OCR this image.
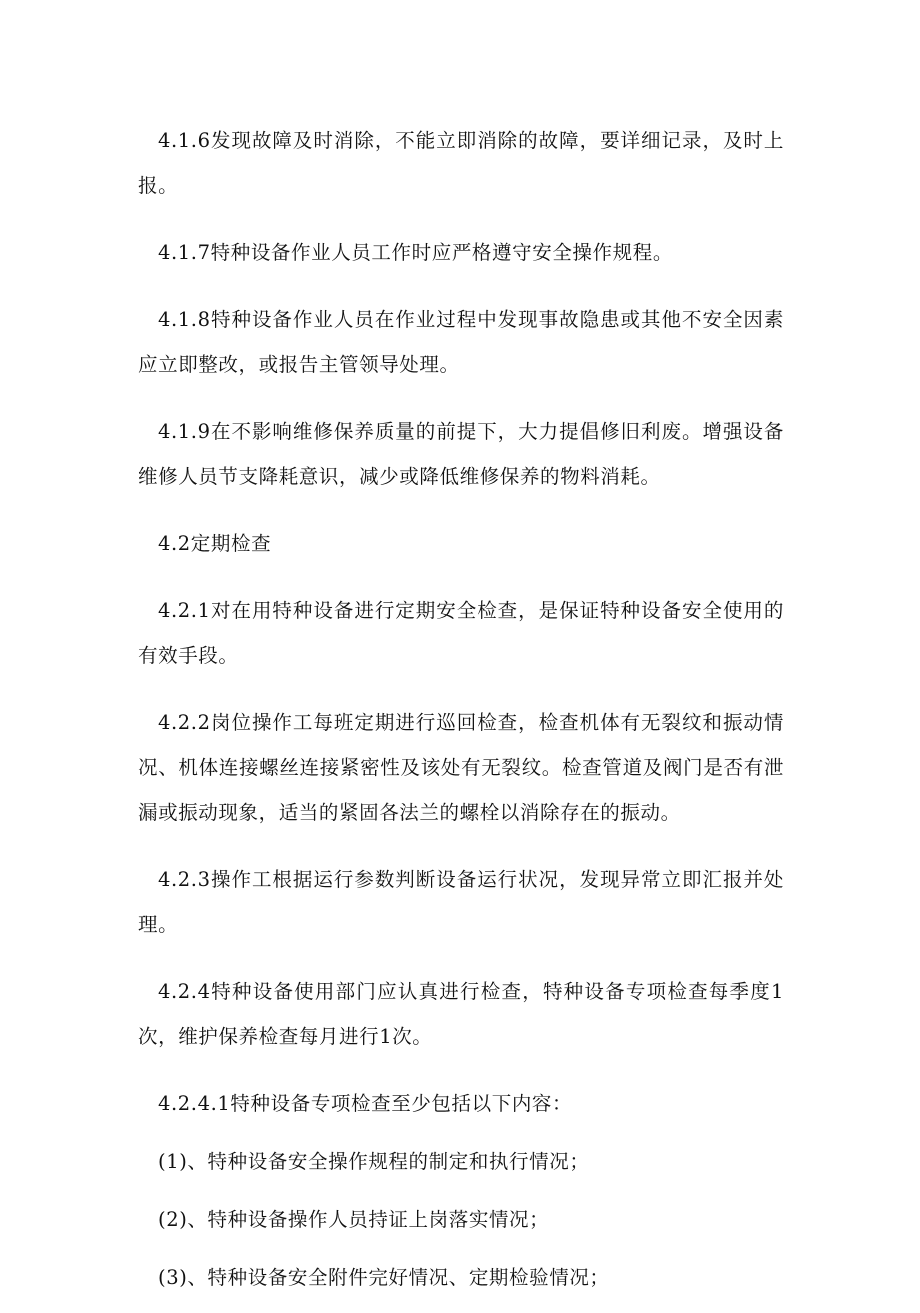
4.1.6发现故障及时消除，不能立即消除的故障，要详细记录，及时上报。

4.1.7特种设备作业人员工作时应严格遵守安全操作规程。

4.1.8特种设备作业人员在作业过程中发现事故隐患或其他不安全因素应立即整改，或报告主管领导处理。

4.1.9在不影响维修保养质量的前提下，大力提倡修旧利废。增强设备维修人员节支降耗意识，减少或降低维修保养的物料消耗。

4.2定期检查

4.2.1对在用特种设备进行定期安全检查，是保证特种设备安全使用的有效手段。

4.2.2岗位操作工每班定期进行巡回检查，检查机体有无裂纹和振动情况、机体连接螺丝连接紧密性及该处有无裂纹。检查管道及阀门是否有泄漏或振动现象，适当的紧固各法兰的螺栓以消除存在的振动。

4.2.3操作工根据运行参数判断设备运行状况，发现异常立即汇报并处理。

4.2.4特种设备使用部门应认真进行检查，特种设备专项检查每季度1次，维护保养检查每月进行1次。

4.2.4.1特种设备专项检查至少包括以下内容：

(1)、特种设备安全操作规程的制定和执行情况；

(2)、特种设备操作人员持证上岗落实情况；

(3)、特种设备安全附件完好情况、定期检验情况；
